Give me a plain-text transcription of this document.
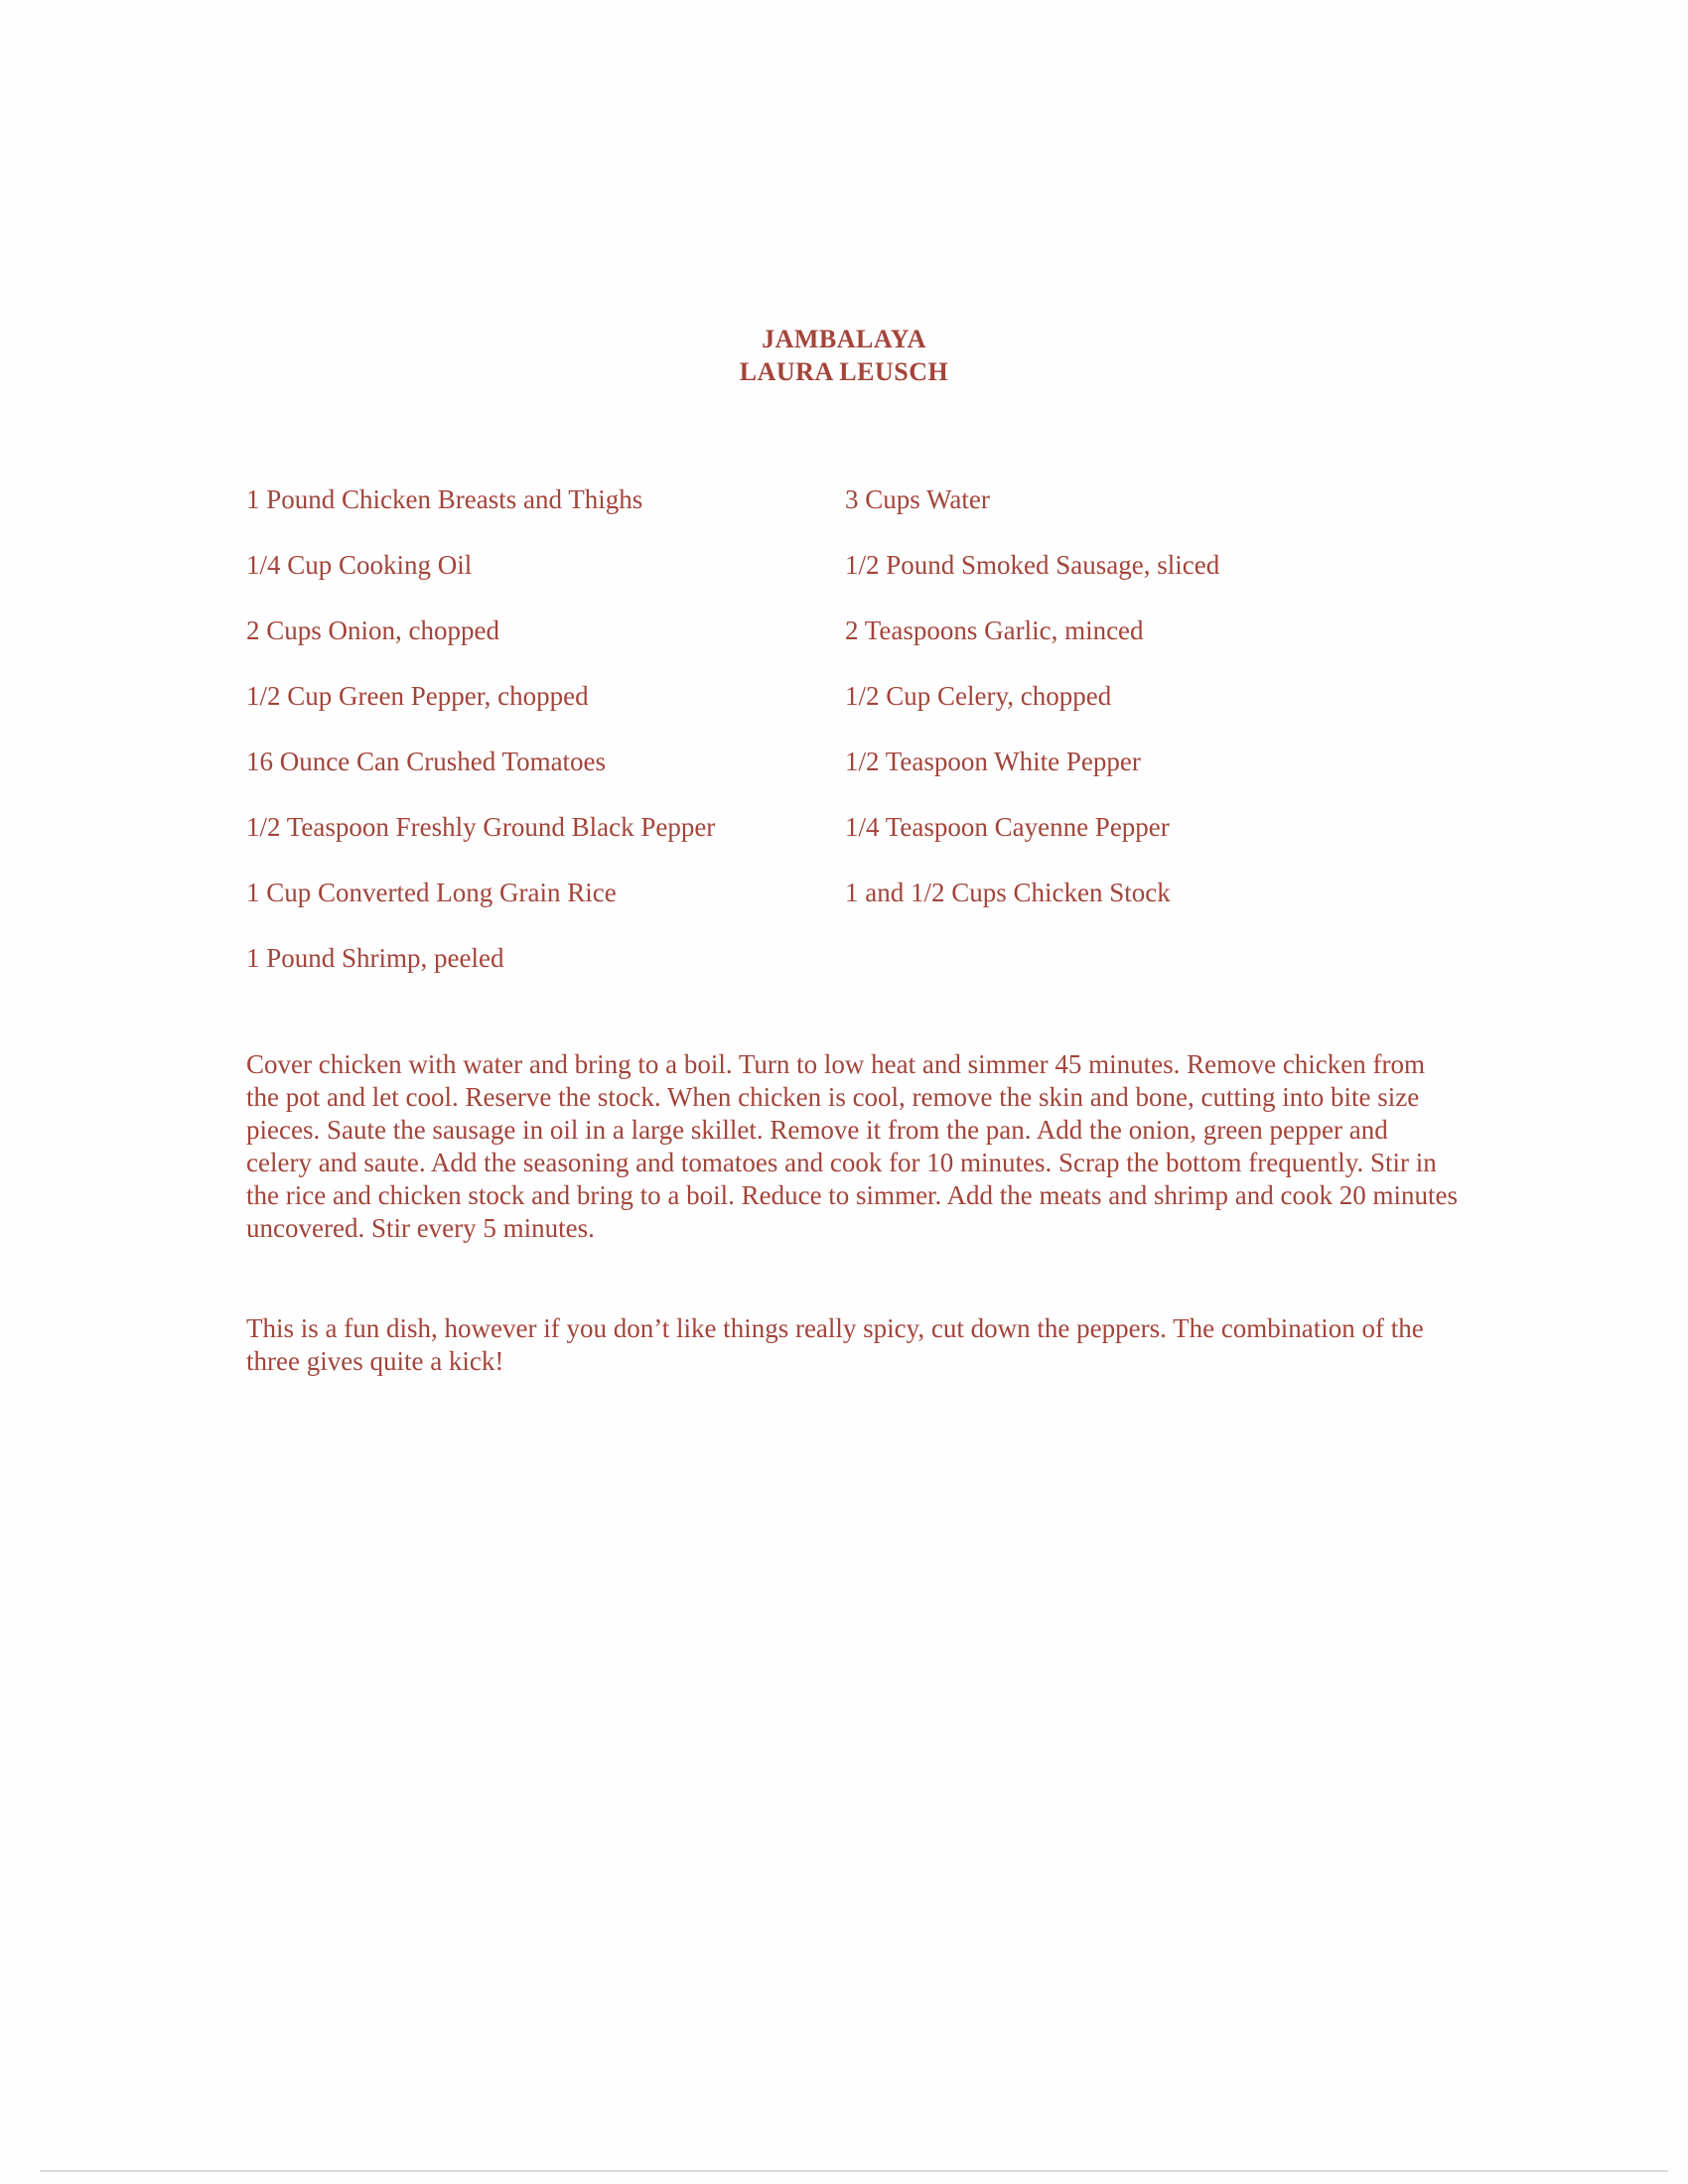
JAMBALAYA
LAURA LEUSCH
1 Pound Chicken Breasts and Thighs
1/4 Cup Cooking Oil
2 Cups Onion, chopped
1/2 Cup Green Pepper, chopped
16 Ounce Can Crushed Tomatoes
1/2 Teaspoon Freshly Ground Black Pepper
1 Cup Converted Long Grain Rice
1 Pound Shrimp, peeled
3 Cups Water
1/2 Pound Smoked Sausage, sliced
2 Teaspoons Garlic, minced
1/2 Cup Celery, chopped
1/2 Teaspoon White Pepper
1/4 Teaspoon Cayenne Pepper
1 and 1/2 Cups Chicken Stock

Cover chicken with water and bring to a boil. Turn to low heat and simmer 45 minutes. Remove chicken from the pot and let cool. Reserve the stock. When chicken is cool, remove the skin and bone, cutting into bite size pieces. Saute the sausage in oil in a large skillet. Remove it from the pan. Add the onion, green pepper and celery and saute. Add the seasoning and tomatoes and cook for 10 minutes. Scrap the bottom frequently. Stir in the rice and chicken stock and bring to a boil. Reduce to simmer. Add the meats and shrimp and cook 20 minutes uncovered. Stir every 5 minutes.

This is a fun dish, however if you don’t like things really spicy, cut down the peppers. The combination of the three gives quite a kick!
